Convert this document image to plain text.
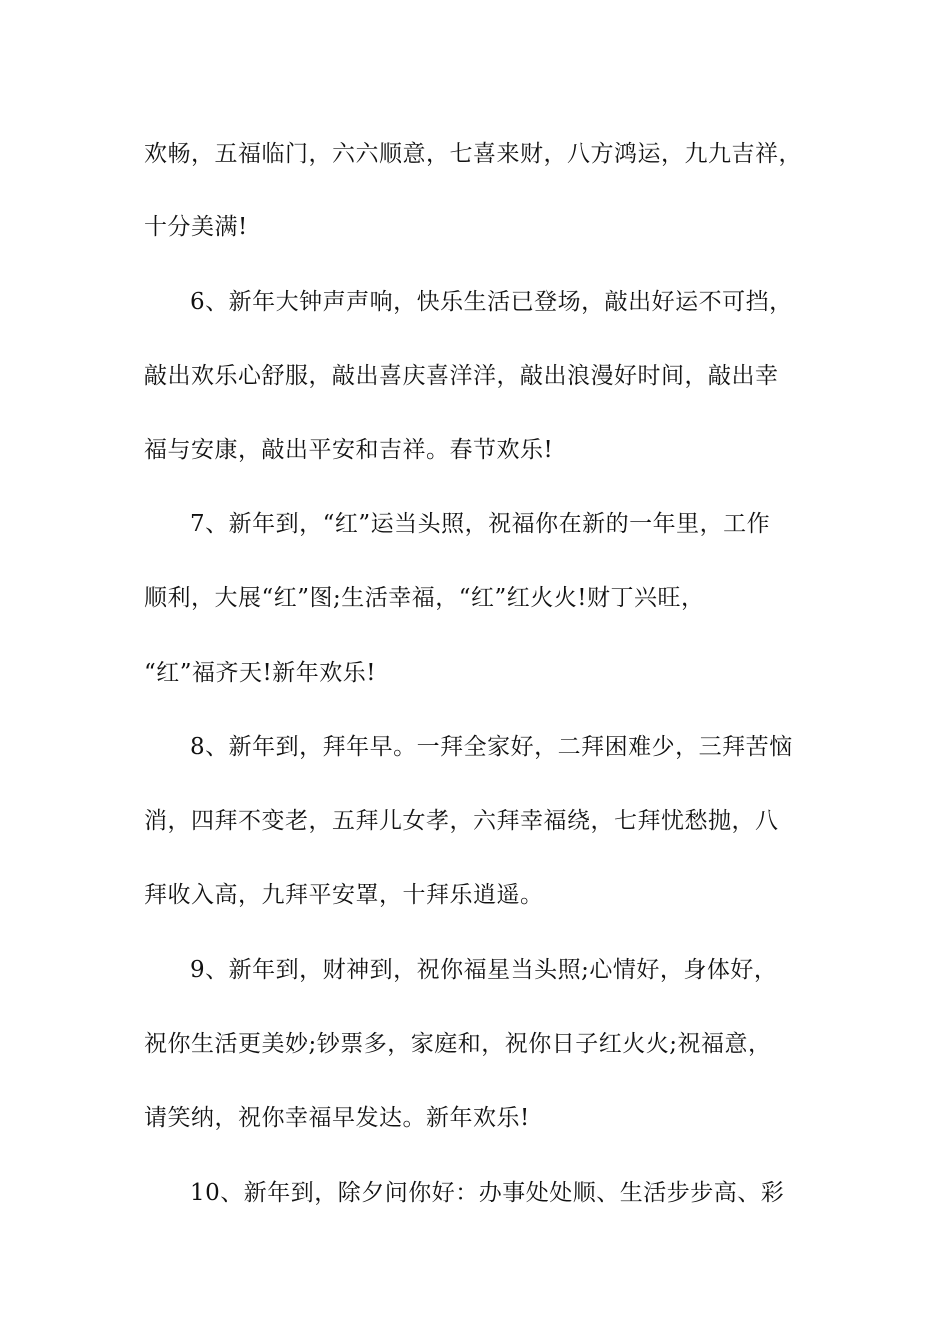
欢畅，五福临门，六六顺意，七喜来财，八方鸿运，九九吉祥，
十分美满!
6、新年大钟声声响，快乐生活已登场，敲出好运不可挡，
敲出欢乐心舒服，敲出喜庆喜洋洋，敲出浪漫好时间，敲出幸
福与安康，敲出平安和吉祥。春节欢乐!
7、新年到，“红”运当头照，祝福你在新的一年里，工作
顺利，大展“红”图;生活幸福，“红”红火火!财丁兴旺，
“红”福齐天!新年欢乐!
8、新年到，拜年早。一拜全家好，二拜困难少，三拜苦恼
消，四拜不变老，五拜儿女孝，六拜幸福绕，七拜忧愁抛，八
拜收入高，九拜平安罩，十拜乐逍遥。
9、新年到，财神到，祝你福星当头照;心情好，身体好，
祝你生活更美妙;钞票多，家庭和，祝你日子红火火;祝福意，
请笑纳，祝你幸福早发达。新年欢乐!
10、新年到，除夕问你好：办事处处顺、生活步步高、彩
